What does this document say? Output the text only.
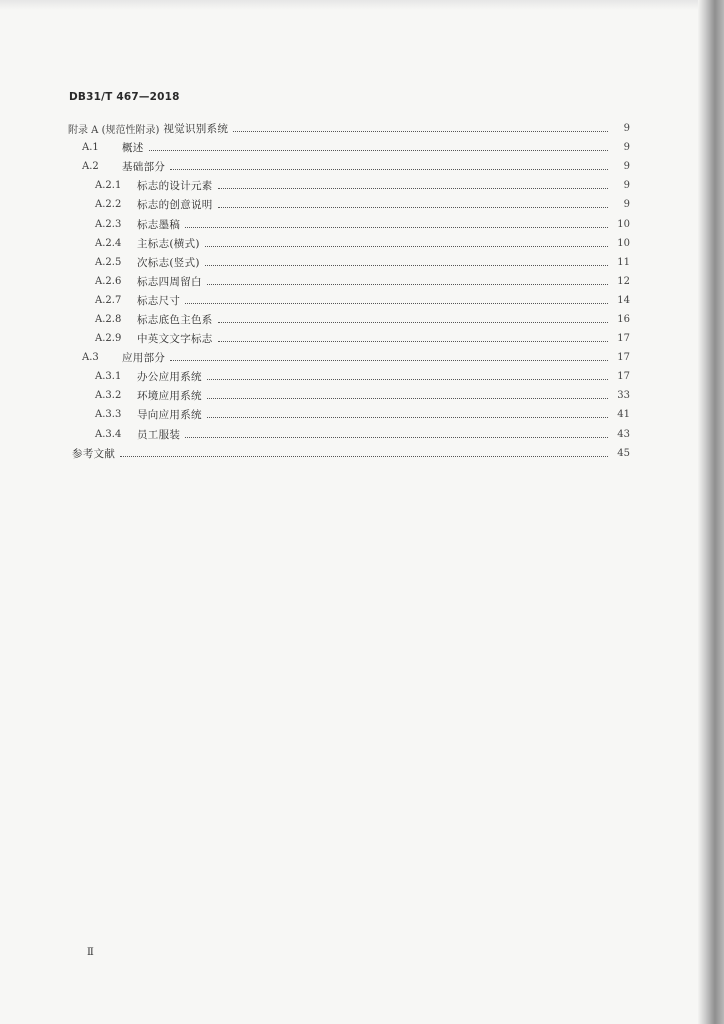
DB31/T 467—2018
附录 A (规范性附录) 视觉识别系统	9
A.1	概述	9
A.2	基础部分	9
A.2.1	标志的设计元素	9
A.2.2	标志的创意说明	9
A.2.3	标志墨稿	10
A.2.4	主标志(横式)	10
A.2.5	次标志(竖式)	11
A.2.6	标志四周留白	12
A.2.7	标志尺寸	14
A.2.8	标志底色主色系	16
A.2.9	中英文文字标志	17
A.3	应用部分	17
A.3.1	办公应用系统	17
A.3.2	环境应用系统	33
A.3.3	导向应用系统	41
A.3.4	员工服装	43
参考文献	45
Ⅱ
